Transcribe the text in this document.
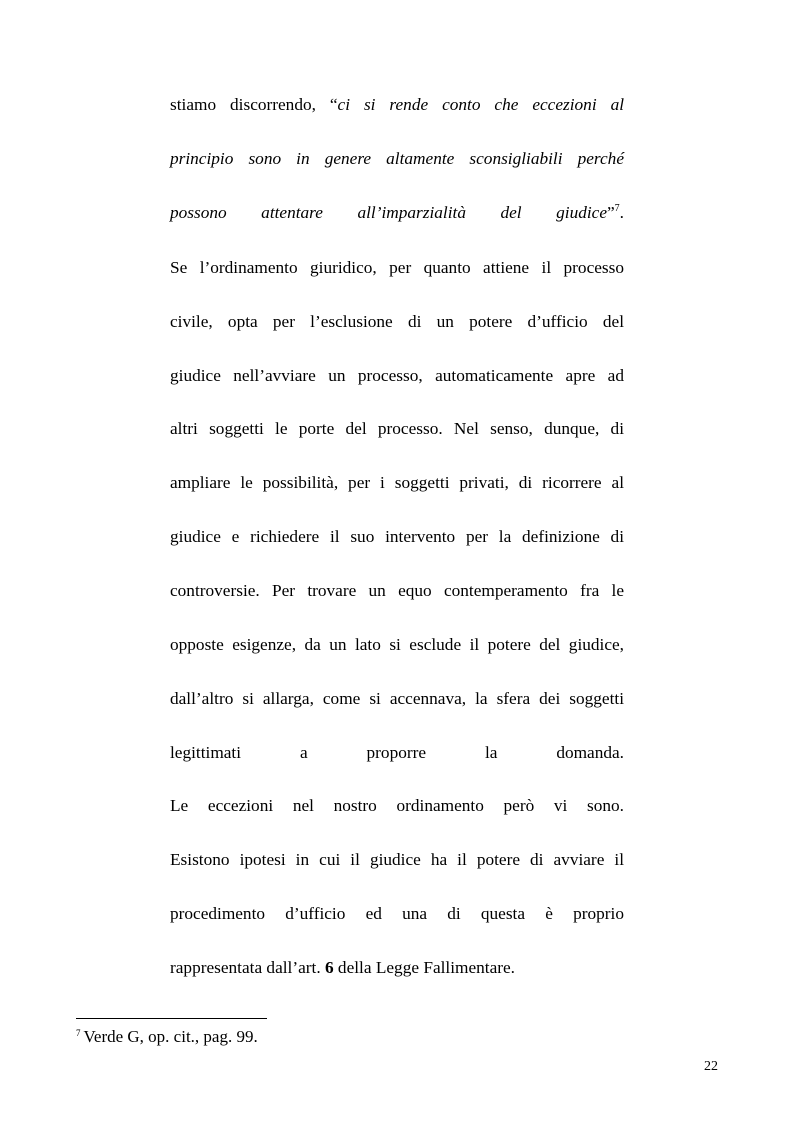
stiamo discorrendo, “ci si rende conto che eccezioni al
principio sono in genere altamente sconsigliabili perché
possono attentare all’imparzialità del giudice”$^7$.
Se l’ordinamento giuridico, per quanto attiene il processo
civile, opta per l’esclusione di un potere d’ufficio del
giudice nell’avviare un processo, automaticamente apre ad
altri soggetti le porte del processo. Nel senso, dunque, di
ampliare le possibilità, per i soggetti privati, di ricorrere al
giudice e richiedere il suo intervento per la definizione di
controversie. Per trovare un equo contemperamento fra le
opposte esigenze, da un lato si esclude il potere del giudice,
dall’altro si allarga, come si accennava, la sfera dei soggetti
legittimati a proporre la domanda.
Le eccezioni nel nostro ordinamento però vi sono.
Esistono ipotesi in cui il giudice ha il potere di avviare il
procedimento d’ufficio ed una di questa è proprio
rappresentata dall’art. 6 della Legge Fallimentare.
$^7$ Verde G, op. cit., pag. 99.
22
